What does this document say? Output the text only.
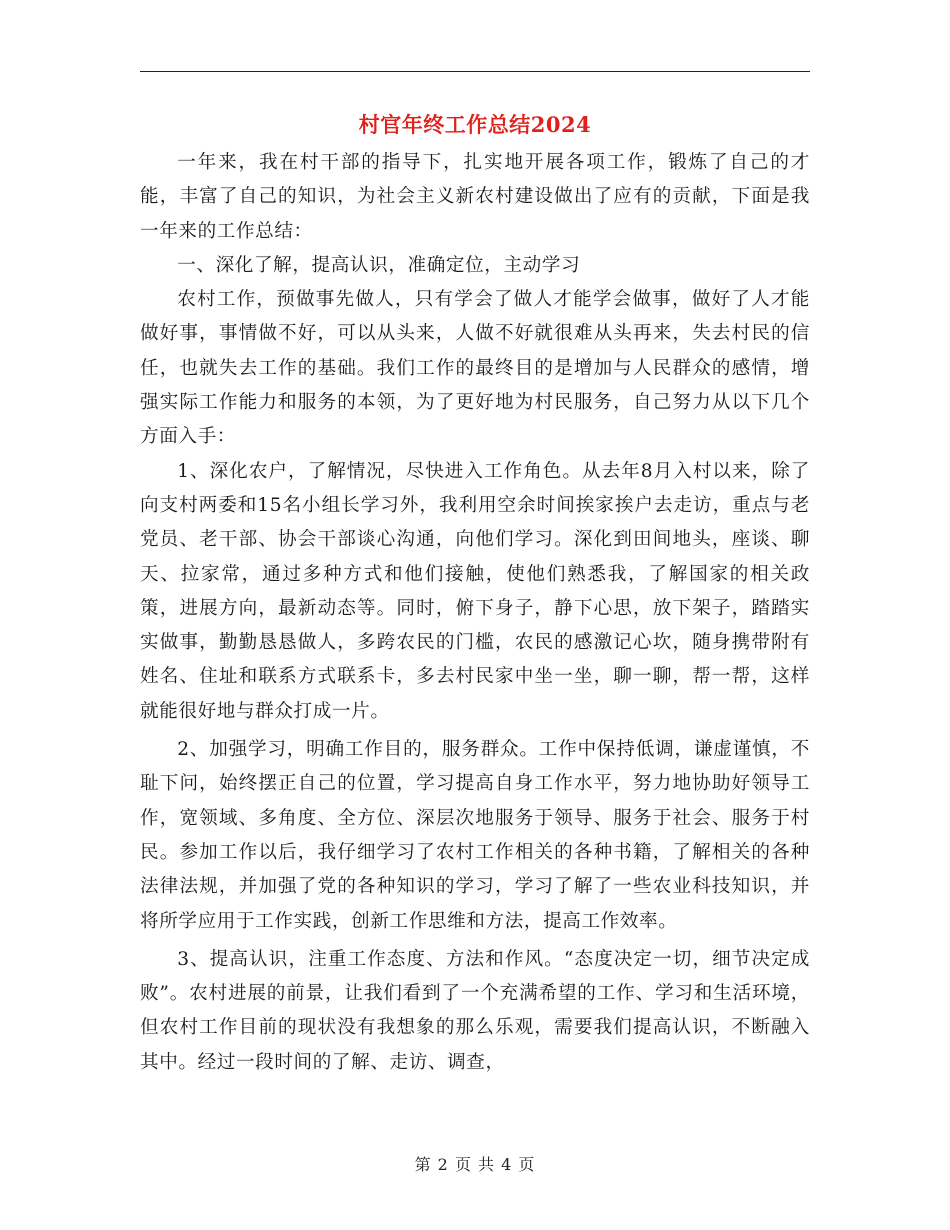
村官年终工作总结2024

一年来，我在村干部的指导下，扎实地开展各项工作，锻炼了自己的才能，丰富了自己的知识，为社会主义新农村建设做出了应有的贡献，下面是我一年来的工作总结：

一、深化了解，提高认识，准确定位，主动学习

农村工作，预做事先做人，只有学会了做人才能学会做事，做好了人才能做好事，事情做不好，可以从头来，人做不好就很难从头再来，失去村民的信任，也就失去工作的基础。我们工作的最终目的是增加与人民群众的感情，增强实际工作能力和服务的本领，为了更好地为村民服务，自己努力从以下几个方面入手：

1、深化农户，了解情况，尽快进入工作角色。从去年8月入村以来，除了向支村两委和15名小组长学习外，我利用空余时间挨家挨户去走访，重点与老党员、老干部、协会干部谈心沟通，向他们学习。深化到田间地头，座谈、聊天、拉家常，通过多种方式和他们接触，使他们熟悉我，了解国家的相关政策，进展方向，最新动态等。同时，俯下身子，静下心思，放下架子，踏踏实实做事，勤勤恳恳做人，多跨农民的门槛，农民的感激记心坎，随身携带附有姓名、住址和联系方式联系卡，多去村民家中坐一坐，聊一聊，帮一帮，这样就能很好地与群众打成一片。

2、加强学习，明确工作目的，服务群众。工作中保持低调，谦虚谨慎，不耻下问，始终摆正自己的位置，学习提高自身工作水平，努力地协助好领导工作，宽领域、多角度、全方位、深层次地服务于领导、服务于社会、服务于村民。参加工作以后，我仔细学习了农村工作相关的各种书籍，了解相关的各种法律法规，并加强了党的各种知识的学习，学习了解了一些农业科技知识，并将所学应用于工作实践，创新工作思维和方法，提高工作效率。

3、提高认识，注重工作态度、方法和作风。“态度决定一切，细节决定成败”。农村进展的前景，让我们看到了一个充满希望的工作、学习和生活环境，但农村工作目前的现状没有我想象的那么乐观，需要我们提高认识，不断融入其中。经过一段时间的了解、走访、调查，

第 2 页 共 4 页
